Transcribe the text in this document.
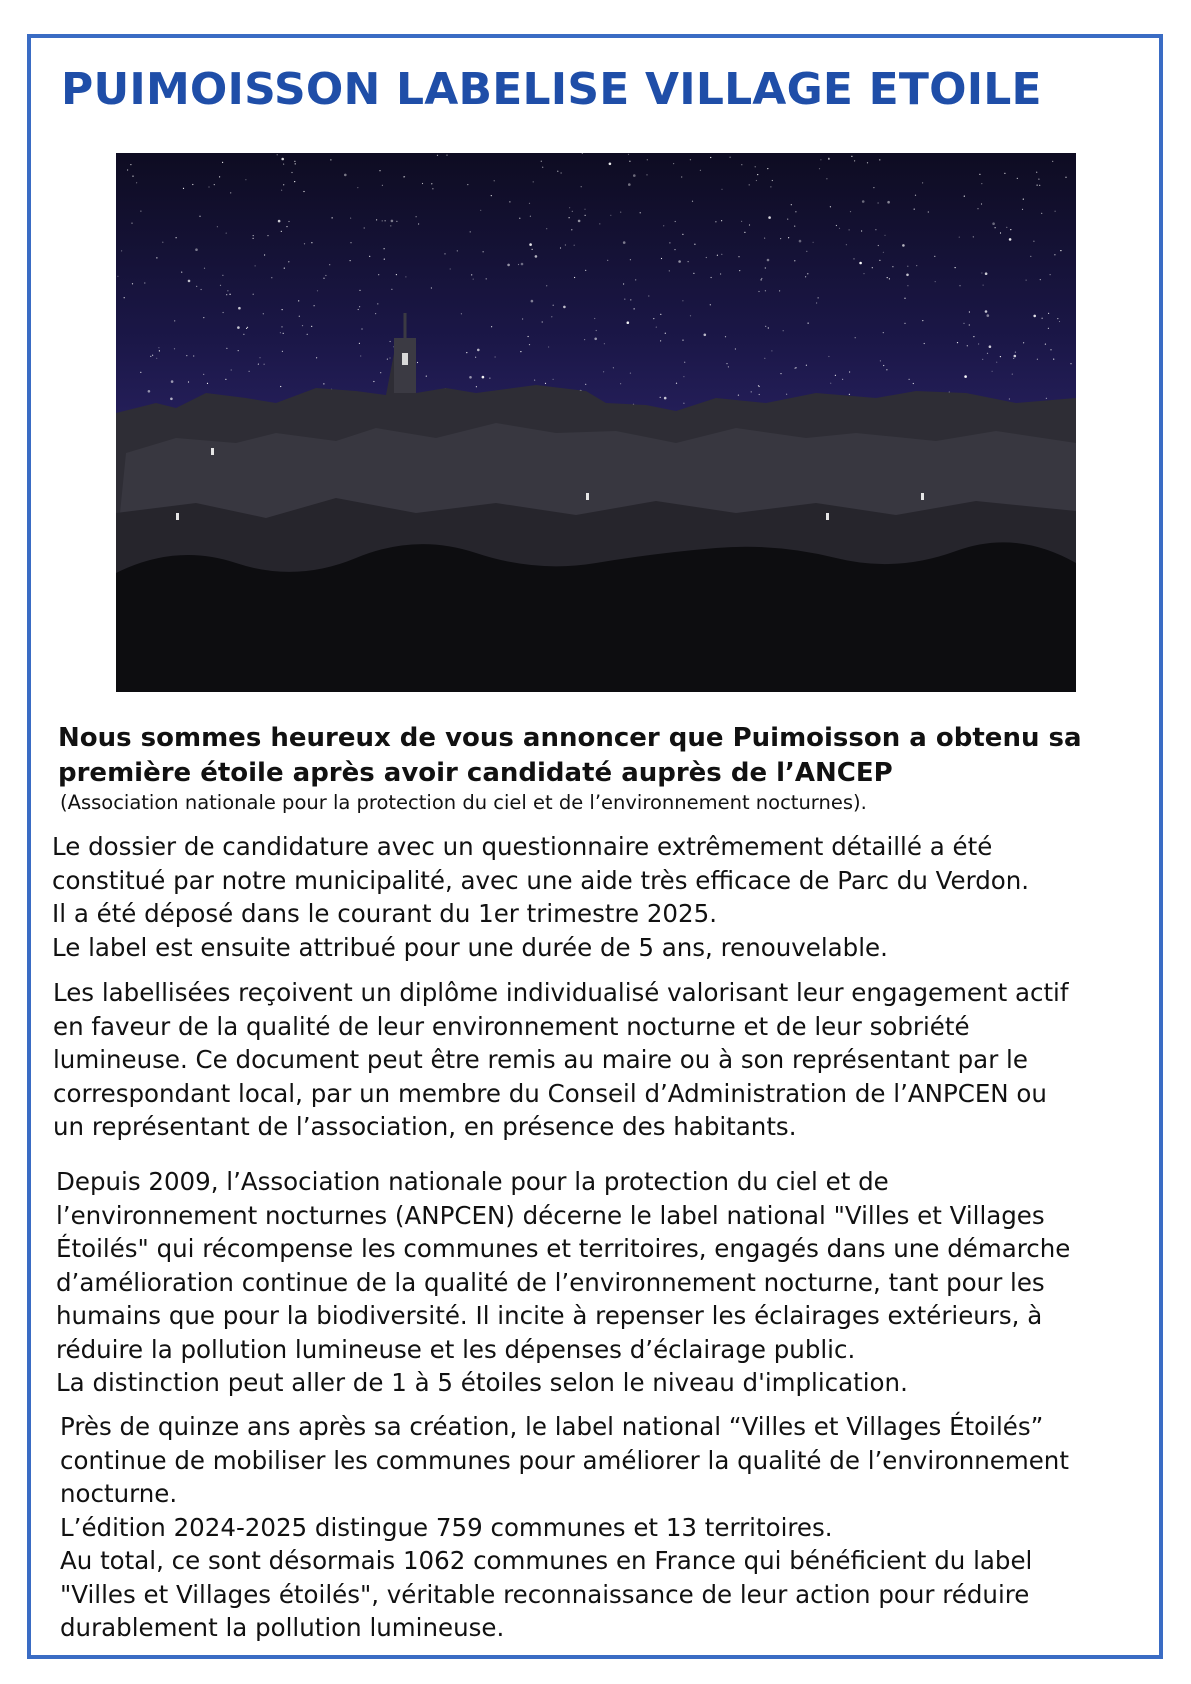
PUIMOISSON LABELISE VILLAGE ETOILE
Nous sommes heureux de vous annoncer que Puimoisson a obtenu sa
première étoile après avoir candidaté auprès de l’ANCEP

(Association nationale pour la protection du ciel et de l’environnement nocturnes).

Le dossier de candidature avec un questionnaire extrêmement détaillé a été
constitué par notre municipalité, avec une aide très efficace de Parc du Verdon.
Il a été déposé dans le courant du 1er trimestre 2025.
Le label est ensuite attribué pour une durée de 5 ans, renouvelable.
Les labellisées reçoivent un diplôme individualisé valorisant leur engagement actif
en faveur de la qualité de leur environnement nocturne et de leur sobriété
lumineuse. Ce document peut être remis au maire ou à son représentant par le
correspondant local, par un membre du Conseil d’Administration de l’ANPCEN ou
un représentant de l’association, en présence des habitants.
Depuis 2009, l’Association nationale pour la protection du ciel et de
l’environnement nocturnes (ANPCEN) décerne le label national "Villes et Villages
Étoilés" qui récompense les communes et territoires, engagés dans une démarche
d’amélioration continue de la qualité de l’environnement nocturne, tant pour les
humains que pour la biodiversité. Il incite à repenser les éclairages extérieurs, à
réduire la pollution lumineuse et les dépenses d’éclairage public.
La distinction peut aller de 1 à 5 étoiles selon le niveau d'implication.
Près de quinze ans après sa création, le label national “Villes et Villages Étoilés”
continue de mobiliser les communes pour améliorer la qualité de l’environnement
nocturne.
L’édition 2024-2025 distingue 759 communes et 13 territoires.
Au total, ce sont désormais 1062 communes en France qui bénéficient du label
"Villes et Villages étoilés", véritable reconnaissance de leur action pour réduire
durablement la pollution lumineuse.
